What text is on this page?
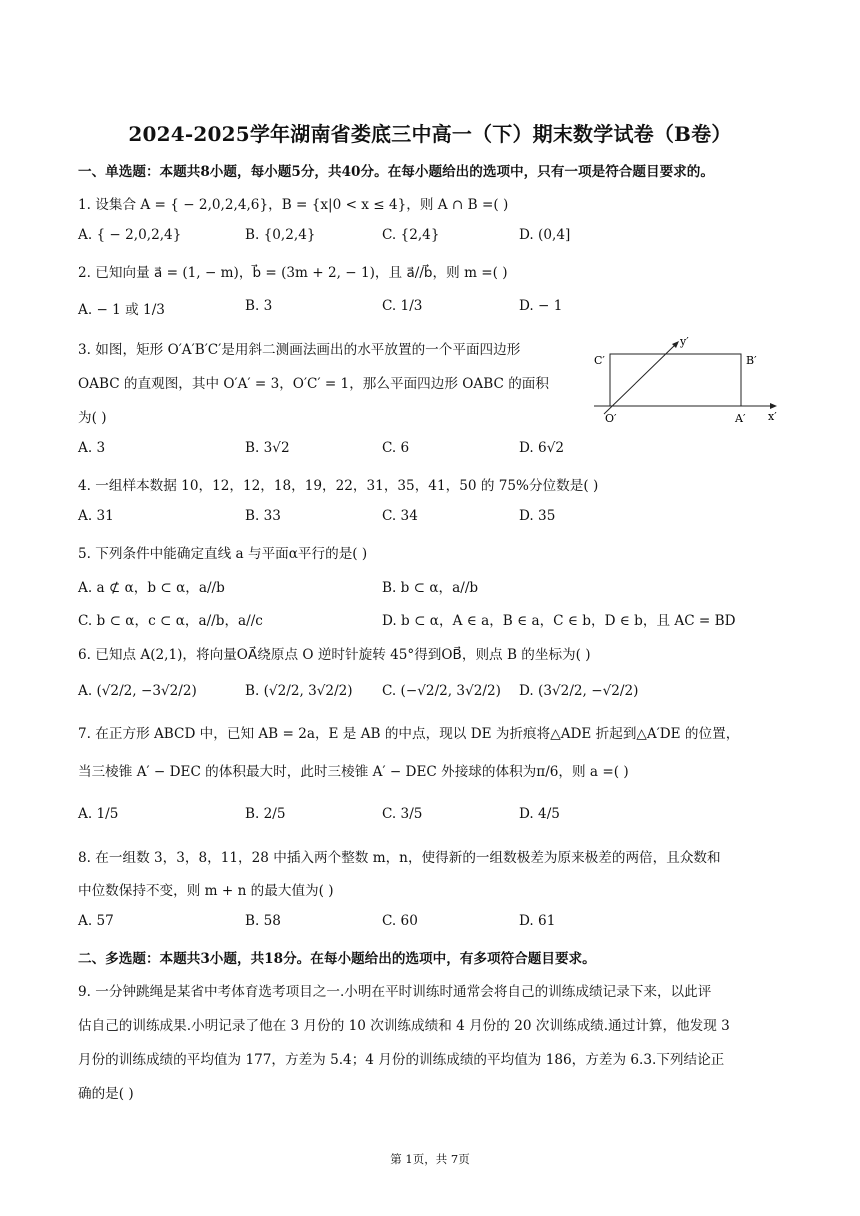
2024-2025学年湖南省娄底三中高一（下）期末数学试卷（B卷）
一、单选题：本题共8小题，每小题5分，共40分。在每小题给出的选项中，只有一项是符合题目要求的。
1. 设集合 A = { − 2,0,2,4,6}，B = {x|0 < x ≤ 4}，则 A ∩ B =( )
A. { − 2,0,2,4}	B. {0,2,4}	C. {2,4}	D. (0,4]
2. 已知向量 a⃗ = (1, − m)，b⃗ = (3m + 2, − 1)，且 a⃗//b⃗，则 m =( )
A. − 1 或 1/3	B. 3	C. 1/3	D. − 1
3. 如图，矩形 O′A′B′C′是用斜二测画法画出的水平放置的一个平面四边形
OABC 的直观图，其中 O′A′ = 3，O′C′ = 1，那么平面四边形 OABC 的面积
为( )
C′	B′
y′
O′	A′ x′
A. 3	B. 3√2	C. 6	D. 6√2
4. 一组样本数据 10，12，12，18，19，22，31，35，41，50 的 75%分位数是( )
A. 31	B. 33	C. 34	D. 35
5. 下列条件中能确定直线 a 与平面α平行的是( )
A. a ⊄ α，b ⊂ α，a//b	B. b ⊂ α，a//b
C. b ⊂ α，c ⊂ α，a//b，a//c	D. b ⊂ α，A ∈ a，B ∈ a，C ∈ b，D ∈ b，且 AC = BD
6. 已知点 A(2,1)，将向量OA⃗绕原点 O 逆时针旋转 45°得到OB⃗，则点 B 的坐标为( )
A. (√2/2, −3√2/2)	B. (√2/2, 3√2/2) C. (−√2/2, 3√2/2) D. (3√2/2, −√2/2)
7. 在正方形 ABCD 中，已知 AB = 2a，E 是 AB 的中点，现以 DE 为折痕将△ADE 折起到△A′DE 的位置，
当三棱锥 A′ − DEC 的体积最大时，此时三棱锥 A′ − DEC 外接球的体积为π/6，则 a =( )
A. 1/5	B. 2/5	C. 3/5	D. 4/5
8. 在一组数 3，3，8，11，28 中插入两个整数 m，n，使得新的一组数极差为原来极差的两倍，且众数和
中位数保持不变，则 m + n 的最大值为( )
A. 57	B. 58	C. 60	D. 61
二、多选题：本题共3小题，共18分。在每小题给出的选项中，有多项符合题目要求。
9. 一分钟跳绳是某省中考体育选考项目之一.小明在平时训练时通常会将自己的训练成绩记录下来，以此评
估自己的训练成果.小明记录了他在 3 月份的 10 次训练成绩和 4 月份的 20 次训练成绩.通过计算，他发现 3
月份的训练成绩的平均值为 177，方差为 5.4；4 月份的训练成绩的平均值为 186，方差为 6.3.下列结论正
确的是( )
第 1页，共 7页
